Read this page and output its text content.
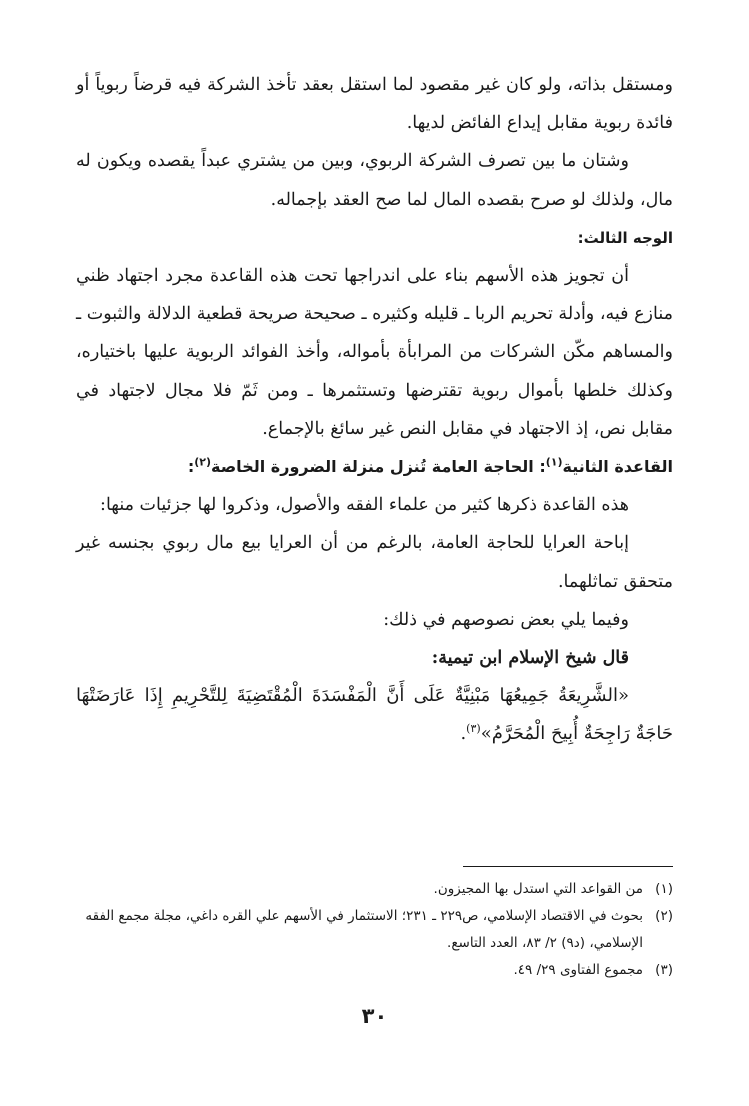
ومستقل بذاته، ولو كان غير مقصود لما استقل بعقد تأخذ الشركة فيه قرضاً ربوياً أو فائدة ربوية مقابل إيداع الفائض لديها.

وشتان ما بين تصرف الشركة الربوي، وبين من يشتري عبداً يقصده ويكون له مال، ولذلك لو صرح بقصده المال لما صح العقد بإجماله.

الوجه الثالث:

أن تجويز هذه الأسهم بناء على اندراجها تحت هذه القاعدة مجرد اجتهاد ظني منازع فيه، وأدلة تحريم الربا ـ قليله وكثيره ـ صحيحة صريحة قطعية الدلالة والثبوت ـ والمساهم مكّن الشركات من المرابأة بأمواله، وأخذ الفوائد الربوية عليها باختياره، وكذلك خلطها بأموال ربوية تقترضها وتستثمرها ـ ومن ثَمّ فلا مجال لاجتهاد في مقابل نص، إذ الاجتهاد في مقابل النص غير سائغ بالإجماع.

القاعدة الثانية$^{(١)}$: الحاجة العامة تُنزل منزلة الضرورة الخاصة$^{(٢)}$:

هذه القاعدة ذكرها كثير من علماء الفقه والأصول، وذكروا لها جزئيات منها:

إباحة العرايا للحاجة العامة، بالرغم من أن العرايا بيع مال ربوي بجنسه غير متحقق تماثلهما.

وفيما يلي بعض نصوصهم في ذلك:

قال شيخ الإسلام ابن تيمية:

«الشَّرِيعَةُ جَمِيعُهَا مَبْنِيَّةٌ عَلَى أَنَّ الْمَفْسَدَةَ الْمُقْتَضِيَةَ لِلتَّحْرِيمِ إِذَا عَارَضَتْهَا حَاجَةٌ رَاجِحَةٌ أُبِيحَ الْمُحَرَّمُ»$^{(٣)}$.

(١)
من القواعد التي استدل بها المجيزون.
(٢)
بحوث في الاقتصاد الإسلامي، ص٢٢٩ ـ ٢٣١؛ الاستثمار في الأسهم علي القره داغي، مجلة مجمع الفقه الإسلامي، (د٩) ٢/ ٨٣، العدد التاسع.
(٣)
مجموع الفتاوى ٢٩/ ٤٩.
٣٠
